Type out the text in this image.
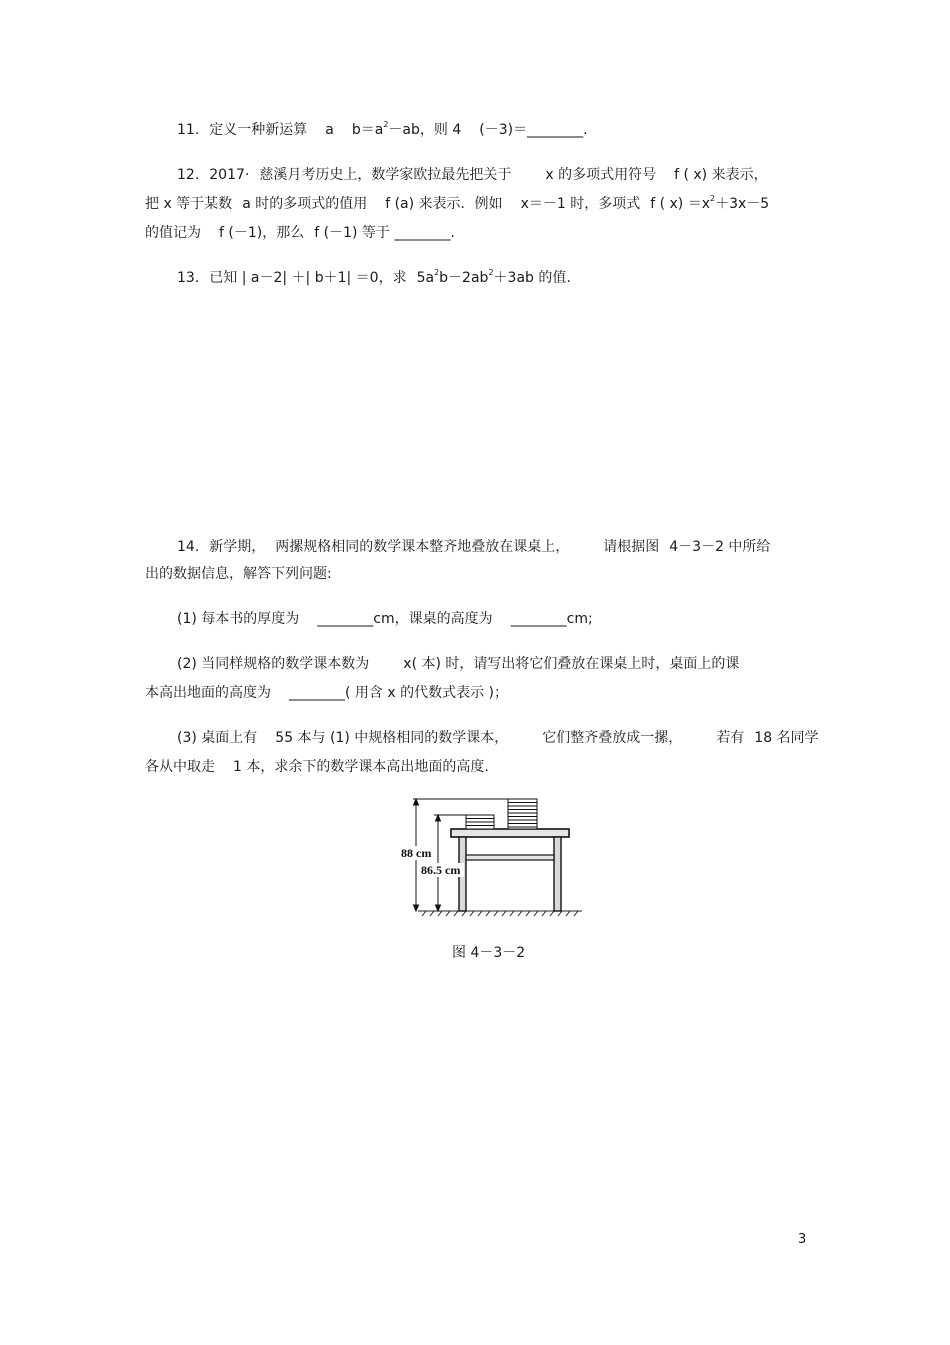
11. 定义一种新运算 a $b=a^2-ab$，则 4 (－3)＝________.
12. 2017· 慈溪月考历史上，数学家欧拉最先把关于 x 的多项式用符号 f ( x) 来表示，
把 x 等于某数 a 时的多项式的值用 f (a) 来表示．例如 x＝－1 时，多项式 f ( $x) =x^2+3x-5$
的值记为 f (－1)，那么 f (－1) 等于 ________.
13. 已知 | a－2| ＋| b＋1| ＝0，求 $5a^2b-2ab^2+3ab$ 的值.
14. 新学期， 两摞规格相同的数学课本整齐地叠放在课桌上， 请根据图 4－3－2 中所给
出的数据信息，解答下列问题:
(1) 每本书的厚度为 ________cm，课桌的高度为 ________cm;
(2) 当同样规格的数学课本数为 x( 本) 时，请写出将它们叠放在课桌上时，桌面上的课
本高出地面的高度为 ________( 用含 x 的代数式表示 )；
(3) 桌面上有 55 本与 (1) 中规格相同的数学课本， 它们整齐叠放成一摞， 若有 18 名同学
各从中取走 1 本，求余下的数学课本高出地面的高度.
88 cm
86.5 cm
图 4－3－2
3
